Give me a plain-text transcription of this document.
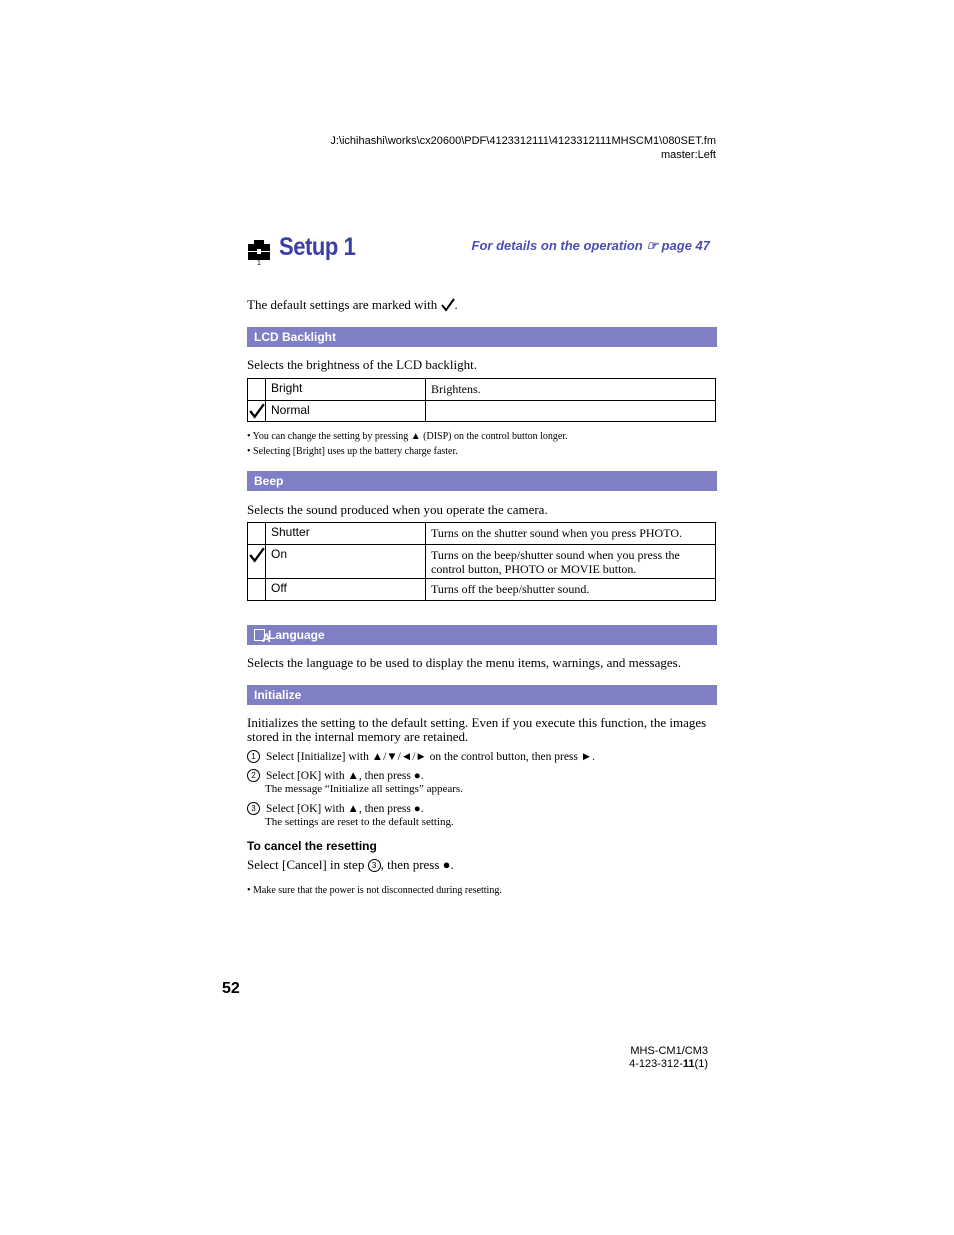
J:\ichihashi\works\cx20600\PDF\4123312111\4123312111MHSCM1\080SET.fm
master:Left
1
Setup 1	For details on the operation ☞ page 47
The default settings are marked with .
LCD Backlight
Selects the brightness of the LCD backlight.
	Bright	Brightens.

	Normal	
• You can change the setting by pressing ▲ (DISP) on the control button longer.
• Selecting [Bright] uses up the battery charge faster.
Beep
Selects the sound produced when you operate the camera.
	Shutter	Turns on the shutter sound when you press PHOTO.

	On	Turns on the beep/shutter sound when you press the control button, PHOTO or MOVIE button.
	Off	Turns off the beep/shutter sound.
A
Language
Selects the language to be used to display the menu items, warnings, and messages.
Initialize
Initializes the setting to the default setting. Even if you execute this function, the images
stored in the internal memory are retained.
1 Select [Initialize] with ▲/▼/◄/► on the control button, then press ►.
2 Select [OK] with ▲, then press ●.
The message “Initialize all settings” appears.
3 Select [OK] with ▲, then press ●.
The settings are reset to the default setting.
To cancel the resetting
Select [Cancel] in step 3 , then press ●.
• Make sure that the power is not disconnected during resetting.
52
MHS-CM1/CM3
4-123-312-11(1)
